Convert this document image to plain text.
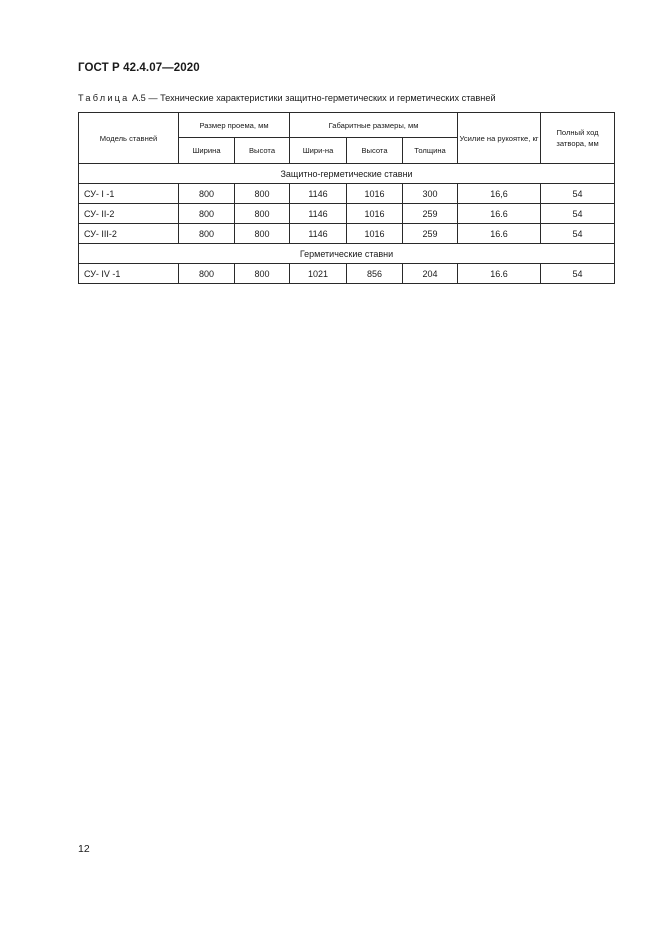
ГОСТ Р 42.4.07—2020
Таблица А.5 — Технические характеристики защитно-герметических и герметических ставней
Модель ставней	Размер проема, мм		Габаритные размеры, мм			Усилие на рукоятке, кг	Полный ход затвора, мм
	Ширина	Высота	Шири-на	Высота	Толщина		
Защитно-герметические ставни							
СУ- I -1	800	800	1146	1016	300	16,6	54
СУ- II-2	800	800	1146	1016	259	16.6	54
СУ- III-2	800	800	1146	1016	259	16.6	54
Герметические ставни							
СУ- IV -1	800	800	1021	856	204	16.6	54
12
